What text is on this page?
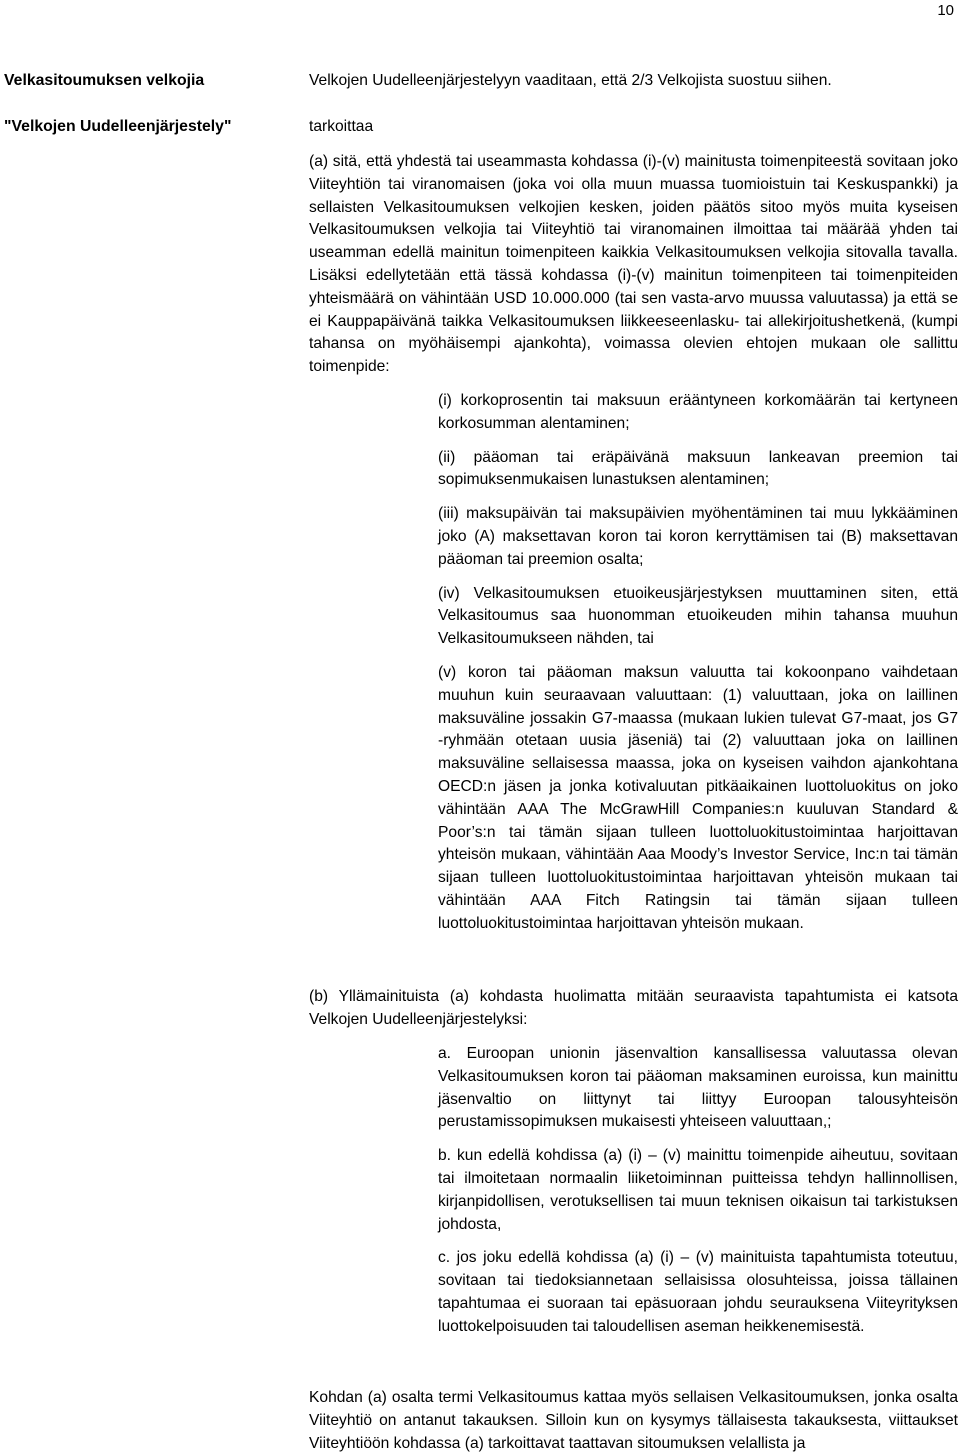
10
Velkasitoumuksen velkojia	Velkojen Uudelleenjärjestelyyn vaaditaan, että 2/3 Velkojista suostuu siihen.
"Velkojen Uudelleenjärjestely"	tarkoittaa

(a) sitä, että yhdestä tai useammasta kohdassa (i)-(v) mainitusta toimenpiteestä sovitaan joko Viiteyhtiön tai viranomaisen (joka voi olla muun muassa tuomioistuin tai Keskuspankki) ja sellaisten Velkasitoumuksen velkojien kesken, joiden päätös sitoo myös muita kyseisen Velkasitoumuksen velkojia tai Viiteyhtiö tai viranomainen ilmoittaa tai määrää yhden tai useamman edellä mainitun toimenpiteen kaikkia Velkasitoumuksen velkojia sitovalla tavalla. Lisäksi edellytetään että tässä kohdassa (i)-(v) mainitun toimenpiteen tai toimenpiteiden yhteismäärä on vähintään USD 10.000.000 (tai sen vasta-arvo muussa valuutassa) ja että se ei Kauppapäivänä taikka Velkasitoumuksen liikkeeseenlasku- tai allekirjoitushetkenä, (kumpi tahansa on myöhäisempi ajankohta), voimassa olevien ehtojen mukaan ole sallittu toimenpide:

(i) korkoprosentin tai maksuun erääntyneen korkomäärän tai kertyneen korkosumman alentaminen;

(ii) pääoman tai eräpäivänä maksuun lankeavan preemion tai sopimuksenmukaisen lunastuksen alentaminen;

(iii) maksupäivän tai maksupäivien myöhentäminen tai muu lykkääminen joko (A) maksettavan koron tai koron kerryttämisen tai (B) maksettavan pääoman tai preemion osalta;

(iv) Velkasitoumuksen etuoikeusjärjestyksen muuttaminen siten, että Velkasitoumus saa huonomman etuoikeuden mihin tahansa muuhun Velkasitoumukseen nähden, tai

(v) koron tai pääoman maksun valuutta tai kokoonpano vaihdetaan muuhun kuin seuraavaan valuuttaan: (1) valuuttaan, joka on laillinen maksuväline jossakin G7-maassa (mukaan lukien tulevat G7-maat, jos G7 -ryhmään otetaan uusia jäseniä) tai (2) valuuttaan joka on laillinen maksuväline sellaisessa maassa, joka on kyseisen vaihdon ajankohtana OECD:n jäsen ja jonka kotivaluutan pitkäaikainen luottoluokitus on joko vähintään AAA The McGrawHill Companies:n kuuluvan Standard & Poor’s:n tai tämän sijaan tulleen luottoluokitustoimintaa harjoittavan yhteisön mukaan, vähintään Aaa Moody’s Investor Service, Inc:n tai tämän sijaan tulleen luottoluokitustoimintaa harjoittavan yhteisön mukaan tai vähintään AAA Fitch Ratingsin tai tämän sijaan tulleen luottoluokitustoimintaa harjoittavan yhteisön mukaan.

(b) Yllämainituista (a) kohdasta huolimatta mitään seuraavista tapahtumista ei katsota Velkojen Uudelleenjärjestelyksi:

a. Euroopan unionin jäsenvaltion kansallisessa valuutassa olevan Velkasitoumuksen koron tai pääoman maksaminen euroissa, kun mainittu jäsenvaltio on liittynyt tai liittyy Euroopan talousyhteisön perustamissopimuksen mukaisesti yhteiseen valuuttaan,;

b. kun edellä kohdissa (a) (i) – (v) mainittu toimenpide aiheutuu, sovitaan tai ilmoitetaan normaalin liiketoiminnan puitteissa tehdyn hallinnollisen, kirjanpidollisen, verotuksellisen tai muun teknisen oikaisun tai tarkistuksen johdosta,

c. jos joku edellä kohdissa (a) (i) – (v) mainituista tapahtumista toteutuu, sovitaan tai tiedoksiannetaan sellaisissa olosuhteissa, joissa tällainen tapahtumaa ei suoraan tai epäsuoraan johdu seurauksena Viiteyrityksen luottokelpoisuuden tai taloudellisen aseman heikkenemisestä.

Kohdan (a) osalta termi Velkasitoumus kattaa myös sellaisen Velkasitoumuksen, jonka osalta Viiteyhtiö on antanut takauksen. Silloin kun on kysymys tällaisesta takauksesta, viittaukset Viiteyhtiöön kohdassa (a) tarkoittavat taattavan sitoumuksen velallista ja
